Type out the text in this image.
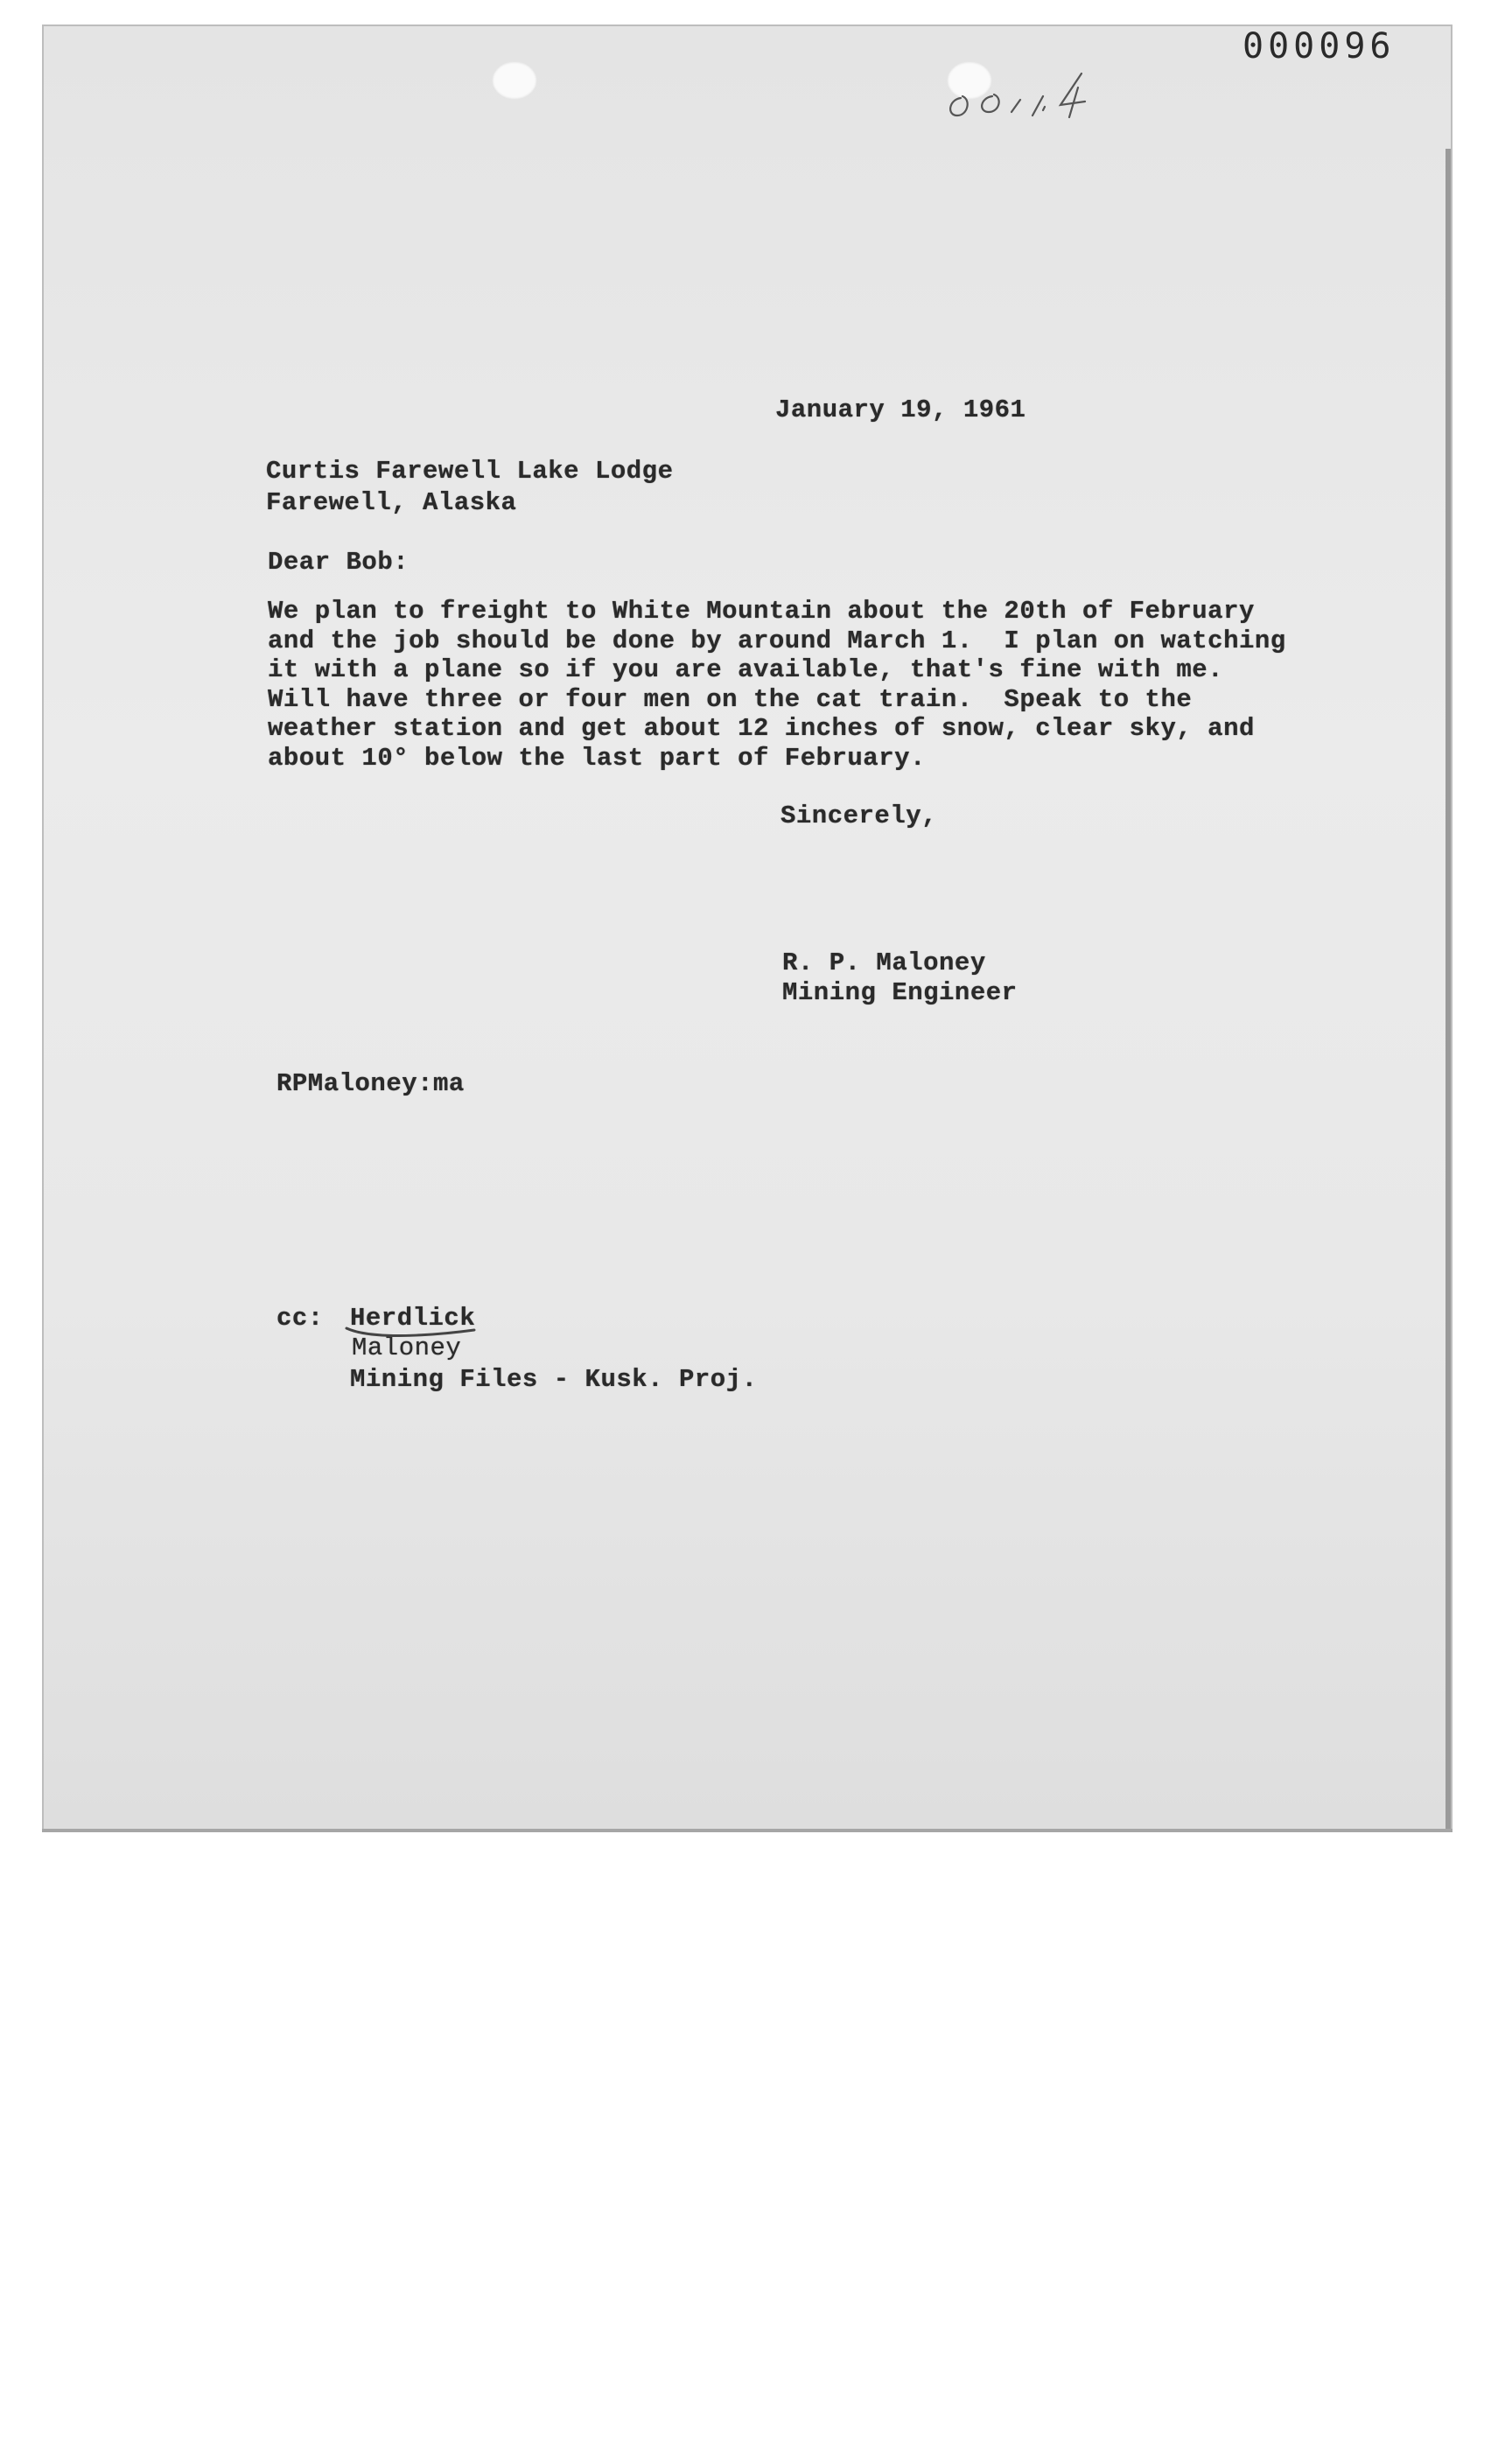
000096
January 19, 1961
Curtis Farewell Lake Lodge
Farewell, Alaska
Dear Bob:
We plan to freight to White Mountain about the 20th of February
and the job should be done by around March 1.  I plan on watching
it with a plane so if you are available, that's fine with me.
Will have three or four men on the cat train.  Speak to the
weather station and get about 12 inches of snow, clear sky, and
about 10° below the last part of February.
Sincerely,
R. P. Maloney
Mining Engineer
RPMaloney:ma
cc: Herdlick
Maloney
Mining Files - Kusk. Proj.
